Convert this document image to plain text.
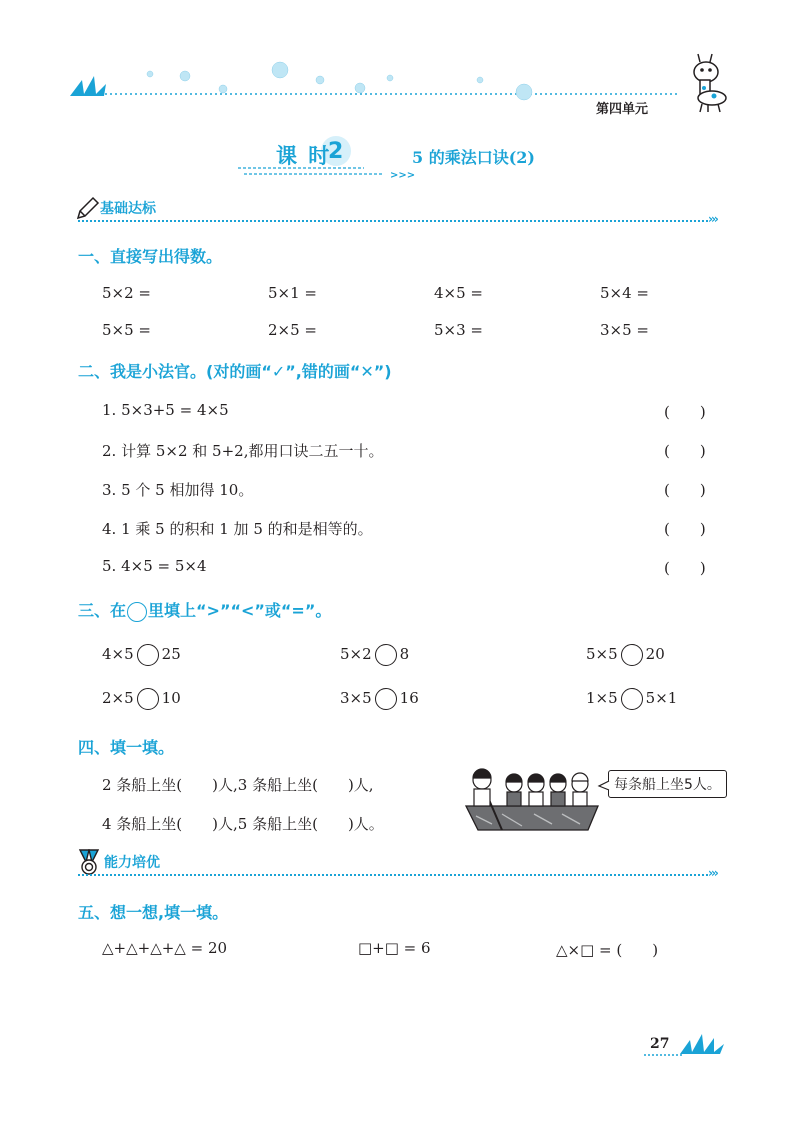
第四单元
>>>
课 时
2	5 的乘法口诀(2)
基础达标
›››
一、直接写出得数。
5×2 =	5×1 =	4×5 =	5×4 =
5×5 =	2×5 =	5×3 =	3×5 =
二、我是小法官。(对的画“✓”,错的画“✕”)
1. 5×3+5 = 4×5	(　　)
2. 计算 5×2 和 5+2,都用口诀二五一十。	(　　)
3. 5 个 5 相加得 10。	(　　)
4. 1 乘 5 的积和 1 加 5 的和是相等的。	(　　)
5. 4×5 = 5×4	(　　)
三、在 里填上“>”“<”或“=”。
4×5 25	5×2 8	5×5 20
2×5 10	3×5 16	1×5 5×1
四、填一填。
2 条船上坐(　　)人,3 条船上坐(　　)人,
4 条船上坐(　　)人,5 条船上坐(　　)人。
每条船上坐5人。
能力培优
›››
五、想一想,填一填。
△+△+△+△ = 20	□+□ = 6	△×□ = (　　)
27
